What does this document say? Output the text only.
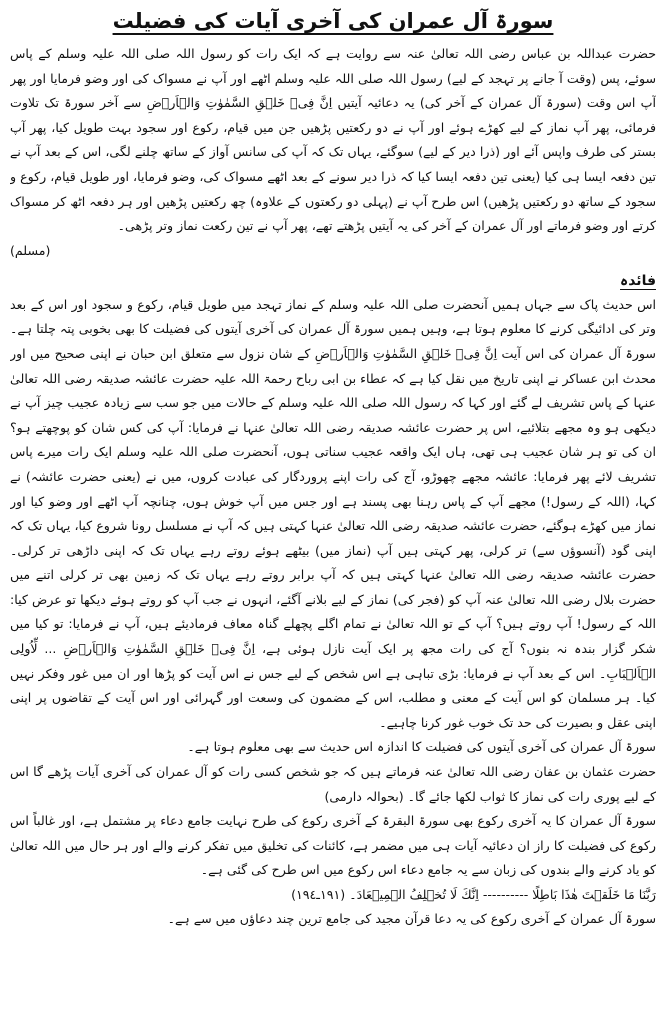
سورۃ آل عمران کی آخری آیات کی فضیلت

حضرت عبداللہ بن عباس رضی اللہ تعالیٰ عنہ سے روایت ہے کہ ایک رات کو رسول اللہ صلی اللہ علیہ وسلم کے پاس سوئے، پس (وقت آ جانے پر تہجد کے لیے) رسول اللہ صلی اللہ علیہ وسلم اٹھے اور آپ نے مسواک کی اور وضو فرمایا اور پھر آپ اس وقت (سورۃ آل عمران کے آخر کی) یہ دعائیہ آیتیں اِنَّ فِیۡ خَلۡقِ السَّمٰوٰتِ وَالۡاَرۡضِ سے آخر سورۃ تک تلاوت فرمائی، پھر آپ نماز کے لیے کھڑے ہوئے اور آپ نے دو رکعتیں پڑھیں جن میں قیام، رکوع اور سجود بہت طویل کیا، پھر آپ بستر کی طرف واپس آئے اور (ذرا دیر کے لیے) سوگئے، یہاں تک کہ آپ کی سانس آواز کے ساتھ چلنے لگی، اس کے بعد آپ نے تین دفعہ ایسا ہی کیا (یعنی تین دفعہ ایسا کیا کہ ذرا دیر سونے کے بعد اٹھے مسواک کی، وضو فرمایا، اور طویل قیام، رکوع و سجود کے ساتھ دو رکعتیں پڑھیں) اس طرح آپ نے (پہلی دو رکعتوں کے علاوہ) چھ رکعتیں پڑھیں اور ہر دفعہ اٹھ کر مسواک کرتے اور وضو فرماتے اور آل عمران کے آخر کی یہ آیتیں پڑھتے تھے، پھر آپ نے تین رکعت نماز وتر پڑھی۔

(مسلم)

فائدہ

اس حدیث پاک سے جہاں ہمیں آنحضرت صلی اللہ علیہ وسلم کے نماز تہجد میں طویل قیام، رکوع و سجود اور اس کے بعد وتر کی ادائیگی کرنے کا معلوم ہوتا ہے، وہیں ہمیں سورۃ آل عمران کی آخری آیتوں کی فضیلت کا بھی بخوبی پتہ چلتا ہے۔ سورۃ آل عمران کی اس آیت اِنَّ فِیۡ خَلۡقِ السَّمٰوٰتِ وَالۡاَرۡضِ کے شان نزول سے متعلق ابن حبان نے اپنی صحیح میں اور محدث ابن عساکر نے اپنی تاریخ میں نقل کیا ہے کہ عطاء بن ابی رباح رحمۃ اللہ علیہ حضرت عائشہ صدیقہ رضی اللہ تعالیٰ عنہا کے پاس تشریف لے گئے اور کہا کہ رسول اللہ صلی اللہ علیہ وسلم کے حالات میں جو سب سے زیادہ عجیب چیز آپ نے دیکھی ہو وہ مجھے بتلائیے، اس پر حضرت عائشہ صدیقہ رضی اللہ تعالیٰ عنہا نے فرمایا: آپ کی کس شان کو پوچھتے ہو؟ ان کی تو ہر شان عجیب ہی تھی، ہاں ایک واقعہ عجیب سناتی ہوں، آنحضرت صلی اللہ علیہ وسلم ایک رات میرے پاس تشریف لائے پھر فرمایا: عائشہ مجھے چھوڑو، آج کی رات اپنے پروردگار کی عبادت کروں، میں نے (یعنی حضرت عائشہ) نے کہا، (اللہ کے رسول!) مجھے آپ کے پاس رہنا بھی پسند ہے اور جس میں آپ خوش ہوں، چنانچہ آپ اٹھے اور وضو کیا اور نماز میں کھڑے ہوگئے، حضرت عائشہ صدیقہ رضی اللہ تعالیٰ عنہا کہتی ہیں کہ آپ نے مسلسل رونا شروع کیا، یہاں تک کہ اپنی گود (آنسوؤں سے) تر کرلی، پھر کہتی ہیں آپ (نماز میں) بیٹھے ہوئے روتے رہے یہاں تک کہ اپنی داڑھی تر کرلی۔ حضرت عائشہ صدیقہ رضی اللہ تعالیٰ عنہا کہتی ہیں کہ آپ برابر روتے رہے یہاں تک کہ زمین بھی تر کرلی اتنے میں حضرت بلال رضی اللہ تعالیٰ عنہ آپ کو (فجر کی) نماز کے لیے بلانے آگئے، انہوں نے جب آپ کو روتے ہوئے دیکھا تو عرض کیا: اللہ کے رسول! آپ روتے ہیں؟ آپ کے تو اللہ تعالیٰ نے تمام اگلے پچھلے گناہ معاف فرمادیئے ہیں، آپ نے فرمایا: تو کیا میں شکر گزار بندہ نہ بنوں؟ آج کی رات مجھ پر ایک آیت نازل ہوئی ہے، اِنَّ فِیۡ خَلۡقِ السَّمٰوٰتِ وَالۡاَرۡضِ ... لِّاُولِی الۡاَلۡبَابِ۔ اس کے بعد آپ نے فرمایا: بڑی تباہی ہے اس شخص کے لیے جس نے اس آیت کو پڑھا اور ان میں غور وفکر نہیں کیا۔ ہر مسلمان کو اس آیت کے معنی و مطلب، اس کے مضمون کی وسعت اور گہرائی اور اس آیت کے تقاضوں پر اپنی اپنی عقل و بصیرت کی حد تک خوب غور کرنا چاہیے۔

سورۃ آل عمران کی آخری آیتوں کی فضیلت کا اندازہ اس حدیث سے بھی معلوم ہوتا ہے۔

حضرت عثمان بن عفان رضی اللہ تعالیٰ عنہ فرماتے ہیں کہ جو شخص کسی رات کو آل عمران کی آخری آیات پڑھے گا اس کے لیے پوری رات کی نماز کا ثواب لکھا جائے گا۔ (بحوالہ دارمی)

سورۃ آل عمران کا یہ آخری رکوع بھی سورۃ البقرۃ کے آخری رکوع کی طرح نہایت جامع دعاء پر مشتمل ہے، اور غالباً اس رکوع کی فضیلت کا راز ان دعائیہ آیات ہی میں مضمر ہے، کائنات کی تخلیق میں تفکر کرنے والے اور ہر حال میں اللہ تعالیٰ کو یاد کرنے والے بندوں کی زبان سے یہ جامع دعاء اس رکوع میں اس طرح کی گئی ہے۔

رَبَّنَا مَا خَلَقۡتَ هٰذَا بَاطِلًا ---------- اِنَّكَ لَا تُخۡلِفُ الۡمِيۡعَادَ۔ (١٩١ـ١٩٤)

سورۃ آل عمران کے آخری رکوع کی یہ دعا قرآن مجید کی جامع ترین چند دعاؤں میں سے ہے۔
